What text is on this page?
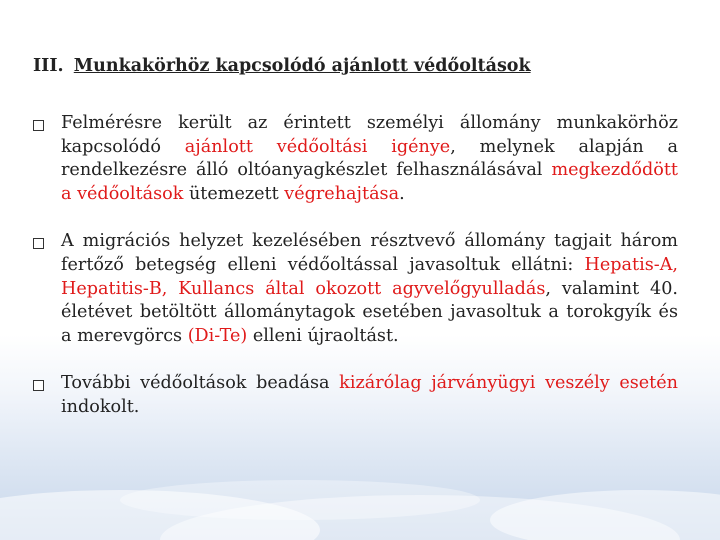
III. Munkakörhöz kapcsolódó ajánlott védőoltások

Felmérésre került az érintett személyi állomány munkakörhöz kapcsolódó ajánlott védőoltási igénye, melynek alapján a rendelkezésre álló oltóanyagkészlet felhasználásával megkezdődött a védőoltások ütemezett végrehajtása.

A migrációs helyzet kezelésében résztvevő állomány tagjait három fertőző betegség elleni védőoltással javasoltuk ellátni: Hepatis-A, Hepatitis-B, Kullancs által okozott agyvelőgyulladás, valamint 40. életévet betöltött állománytagok esetében javasoltuk a torokgyík és a merevgörcs (Di-Te) elleni újraoltást.

További védőoltások beadása kizárólag járványügyi veszély esetén indokolt.
